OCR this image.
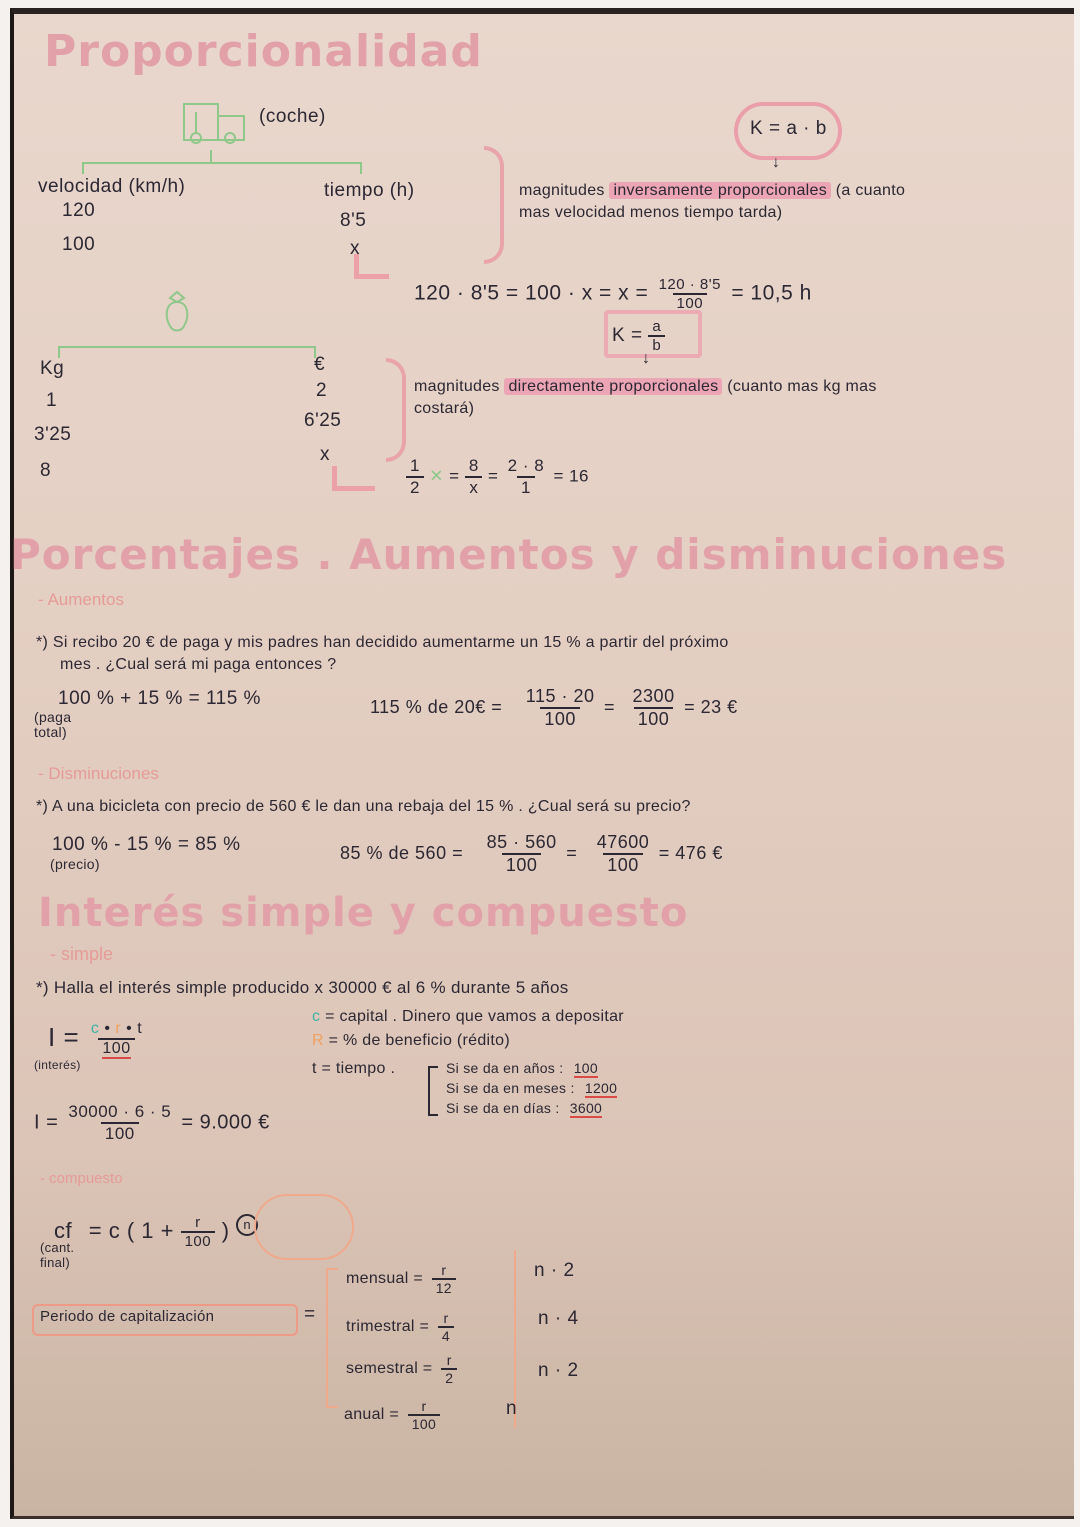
Proporcionalidad
(coche)
velocidad (km/h)
120
100
tiempo (h)
8'5
x
K = a · b
↓
magnitudes inversamente proporcionales (a cuanto
mas velocidad menos tiempo tarda)
$120 \cdot 8'5 = 100 \cdot x = x = \frac{120 \cdot 8'5}{100} = 10,5$ h
$K = \frac{a}{b}$
↓
Kg
1
3'25
8
€
2
6'25
x
magnitudes directamente proporcionales (cuanto mas kg mas
costará)
$\frac{1}{2}$ ✕ = $\frac{8}{x} = \frac{2 \cdot 8}{1} = 16$
Porcentajes . Aumentos y disminuciones
- Aumentos
*) Si recibo 20 € de paga y mis padres han decidido aumentarme un 15 % a partir del próximo
mes . ¿Cual será mi paga entonces ?
100 % + 15 % = 115 %
(paga total)
115 % de 20€ = $\frac{115 \cdot 20}{100} = \frac{2300}{100} = 23$ €
- Disminuciones
*) A una bicicleta con precio de 560 € le dan una rebaja del 15 % . ¿Cual será su precio?
100 % - 15 % = 85 %
(precio)
85 % de $560 = \frac{85 \cdot 560}{100} = \frac{47600}{100} = 476$ €
Interés simple y compuesto
- simple
*) Halla el interés simple producido x 30000 € al 6 % durante 5 años
$I = \frac{c • r • t}{100}$
(interés)
c = capital . Dinero que vamos a depositar
R = % de beneficio (rédito)
t = tiempo .	Si se da en años : 100
Si se da en meses : 1200
Si se da en días : 3600
$I = \frac{30000 \cdot 6 \cdot 5}{100} = 9.000$ €
- compuesto
cf = c ( $1 + \frac{r}{100}$ ) $^n$
(cant.
final)
Periodo de capitalización	=
mensual = $\frac{r}{12}$
trimestral = $\frac{r}{4}$
semestral = $\frac{r}{2}$
anual = $\frac{r}{100}$
n · 2
n · 4
n · 2
n
